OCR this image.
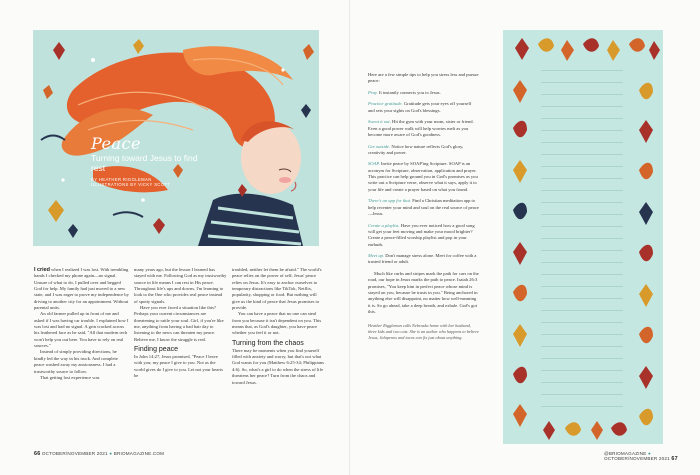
Peace
Turning toward Jesus to find rest
BY HEATHER RIGGLEMAN
ILLUSTRATIONS BY VICKY SCOTT

I cried when I realized I was lost. With trembling hands I checked my phone again—no signal. Unsure of what to do, I pulled over and begged God for help. My family had just moved to a new state, and I was eager to prove my independence by driving to another city for an appointment. Without parental units.

An old farmer pulled up in front of me and asked if I was having car trouble. I explained how I was lost and had no signal. A grin cracked across his leathered face as he said, "All that modern tech won't help you out here. You have to rely on real sources."

Instead of simply providing directions, he kindly led the way in his truck. And complete peace washed away my anxiousness. I had a trustworthy source to follow.

That getting lost experience was

many years ago, but the lesson I learned has stayed with me. Following God as my trustworthy source in life means I can rest in His peace. Throughout life's ups and downs, I'm learning to look to the One who provides real peace instead of spotty signals.

Have you ever faced a situation like this? Perhaps your current circumstances are threatening to rattle your soul. Girl, if you're like me, anything from having a bad hair day to listening to the news can threaten my peace. Believe me, I know the struggle is real.

Finding peace

In John 14:27, Jesus promised, "Peace I leave with you; my peace I give to you. Not as the world gives do I give to you. Let not your hearts be

troubled, neither let them be afraid." The world's peace relies on the power of self; Jesus' peace relies on Jesus. It's easy to anchor ourselves to temporary distractions like TikTok, Netflix, popularity, shopping or food. But nothing will give us the kind of peace that Jesus promises to provide.

You can have a peace that no one can steal from you because it isn't dependent on you. This means that, as God's daughter, you have peace whether you feel it or not.

Turning from the chaos

There may be moments when you find yourself filled with anxiety and worry, but that's not what God wants for you (Matthew 6:25-34; Philippians 4:6). So, what's a girl to do when the stress of life threatens her peace? Turn from the chaos and toward Jesus.

66 OCTOBER/NOVEMBER 2021 ● BRIOMAGAZINE.COM

Here are a few simple tips to help you stress less and pursue peace:

Pray. It instantly connects you to Jesus.

Practice gratitude. Gratitude gets your eyes off yourself and sets your sights on God's blessings.

Sweat it out. Hit the gym with your mom, sister or friend. Even a good power walk will help worries melt as you become more aware of God's goodness.

Get outside. Notice how nature reflects God's glory, creativity and power.

SOAP. Invite peace by SOAP'ing Scripture. SOAP is an acronym for Scripture, observation, application and prayer. This practice can help ground you in God's promises as you write out a Scripture verse, observe what it says, apply it to your life and create a prayer based on what you found.

There's an app for that. Find a Christian meditation app to help recenter your mind and soul on the real source of peace—Jesus.

Create a playlist. Have you ever noticed how a good song will get your feet moving and make your mood brighter? Create a peace-filled worship playlist and pop in your earbuds.

Meet up. Don't manage stress alone. Meet for coffee with a trusted friend or adult.

Much like curbs and stripes mark the path for cars on the road, our hope in Jesus marks the path to peace. Isaiah 26:3 promises, "You keep him in perfect peace whose mind is stayed on you, because he trusts in you." Being anchored in anything else will disappoint, no matter how well-meaning it is. So go ahead, take a deep breath, and exhale. God's got this.

Heather Riggleman calls Nebraska home with her husband, three kids and two cats. She is an author who happens to believe Jesus, Jalapenos and tacos can fix just about anything.

@BRIOMAGAZINE ● OCTOBER/NOVEMBER 2021 67
